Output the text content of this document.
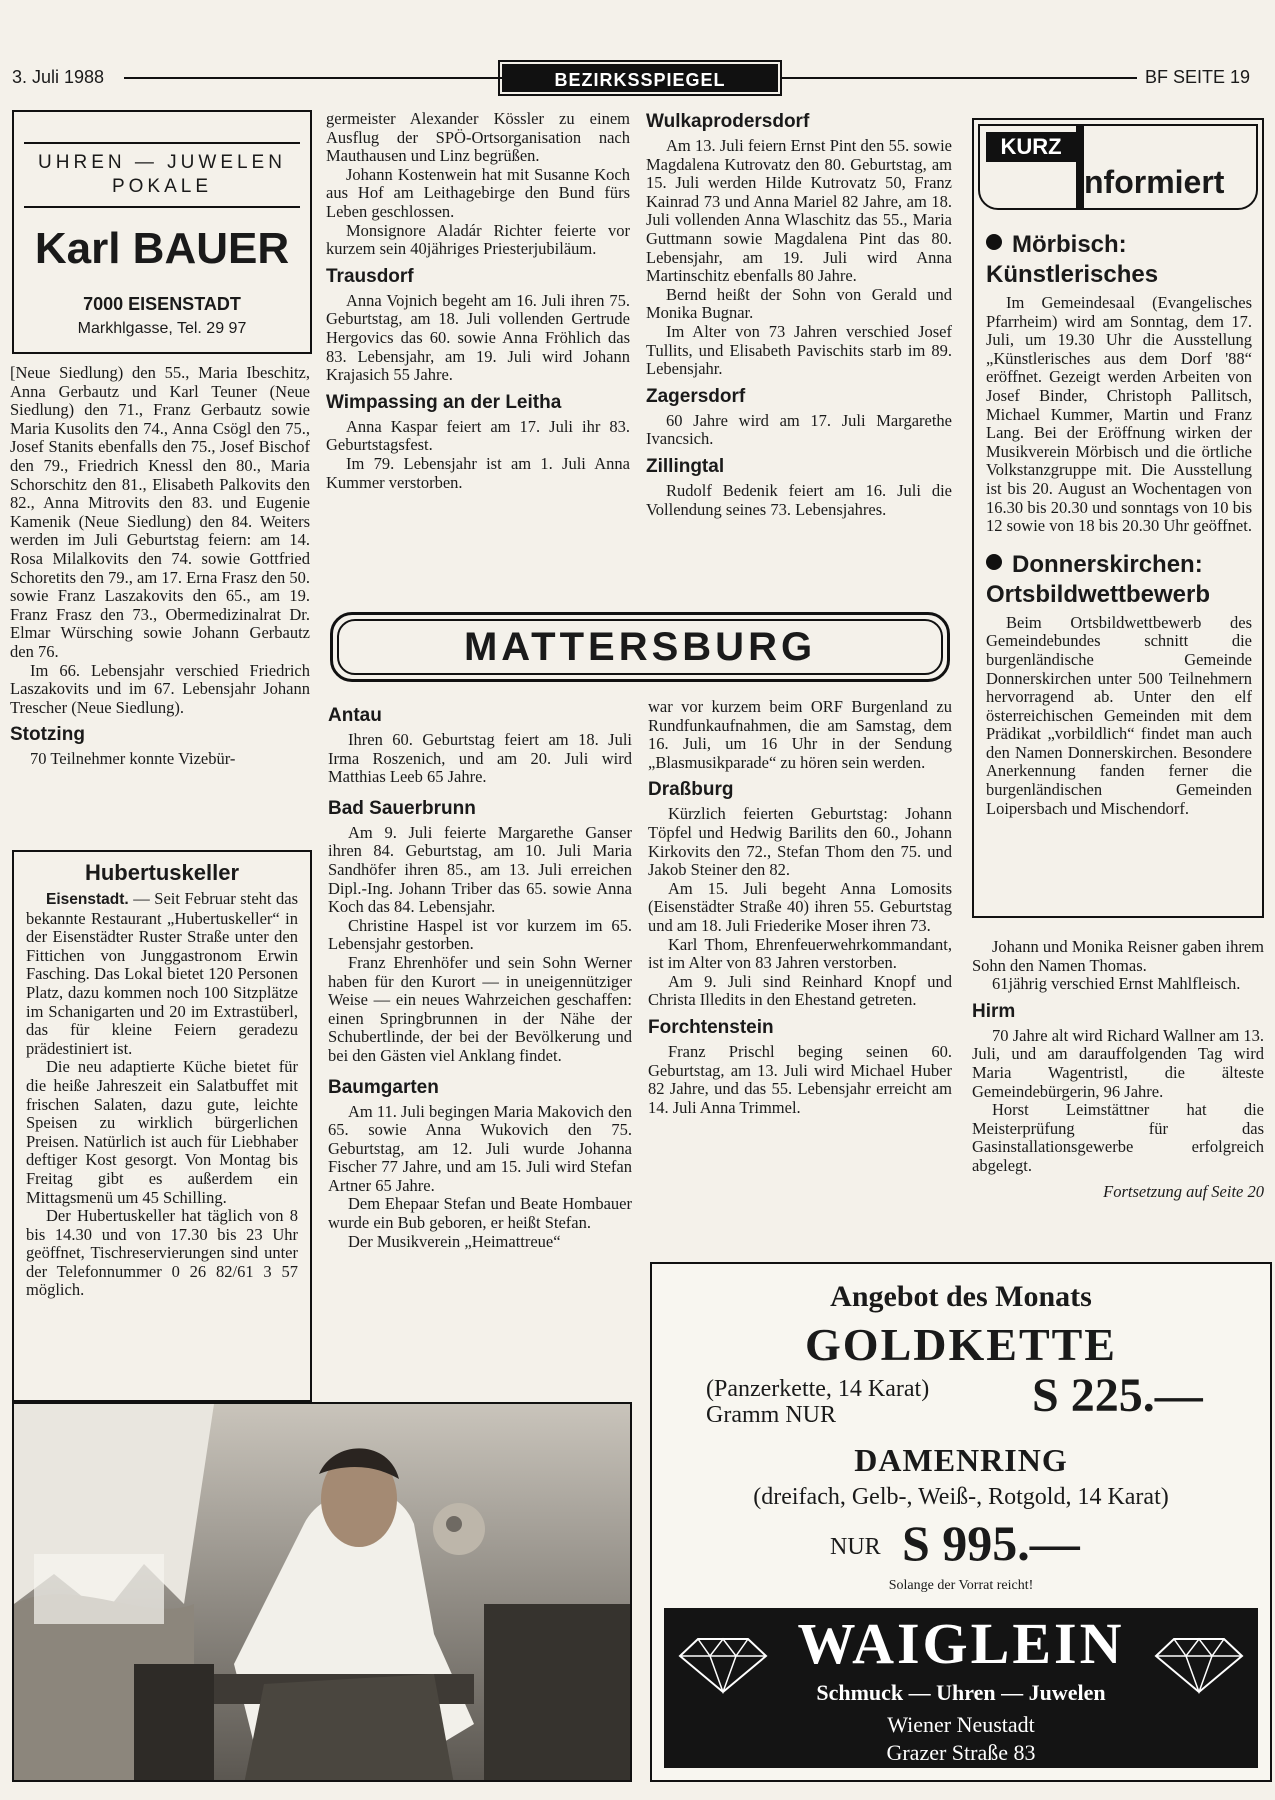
3. Juli 1988	BEZIRKSSPIEGEL	BF SEITE 19
UHREN — JUWELEN
POKALE
Karl BAUER
7000 EISENSTADT
Markhlgasse, Tel. 29 97

[Neue Siedlung) den 55., Maria Ibeschitz, Anna Gerbautz und Karl Teuner (Neue Siedlung) den 71., Franz Gerbautz sowie Maria Kusolits den 74., Anna Csögl den 75., Josef Stanits ebenfalls den 75., Josef Bischof den 79., Friedrich Knessl den 80., Maria Schorschitz den 81., Elisabeth Palkovits den 82., Anna Mitrovits den 83. und Eugenie Kamenik (Neue Siedlung) den 84. Weiters werden im Juli Geburtstag feiern: am 14. Rosa Milalkovits den 74. sowie Gottfried Schoretits den 79., am 17. Erna Frasz den 50. sowie Franz Laszakovits den 65., am 19. Franz Frasz den 73., Obermedizinalrat Dr. Elmar Würsching sowie Johann Gerbautz den 76.

Im 66. Lebensjahr verschied Friedrich Laszakovits und im 67. Lebensjahr Johann Trescher (Neue Siedlung).

Stotzing

70 Teilnehmer konnte Vizebür-

Hubertuskeller

Eisenstadt. — Seit Februar steht das bekannte Restaurant „Hubertuskeller“ in der Eisenstädter Ruster Straße unter den Fittichen von Junggastronom Erwin Fasching. Das Lokal bietet 120 Personen Platz, dazu kommen noch 100 Sitzplätze im Schanigarten und 20 im Extrastüberl, das für kleine Feiern geradezu prädestiniert ist.

Die neu adaptierte Küche bietet für die heiße Jahreszeit ein Salatbuffet mit frischen Salaten, dazu gute, leichte Speisen zu wirklich bürgerlichen Preisen. Natürlich ist auch für Liebhaber deftiger Kost gesorgt. Von Montag bis Freitag gibt es außerdem ein Mittagsmenü um 45 Schilling.

Der Hubertuskeller hat täglich von 8 bis 14.30 und von 17.30 bis 23 Uhr geöffnet, Tischreservierungen sind unter der Telefonnummer 0 26 82/61 3 57 möglich.

germeister Alexander Kössler zu einem Ausflug der SPÖ-Ortsorganisation nach Mauthausen und Linz begrüßen.

Johann Kostenwein hat mit Susanne Koch aus Hof am Leithagebirge den Bund fürs Leben geschlossen.

Monsignore Aladár Richter feierte vor kurzem sein 40jähriges Priesterjubiläum.

Trausdorf

Anna Vojnich begeht am 16. Juli ihren 75. Geburtstag, am 18. Juli vollenden Gertrude Hergovics das 60. sowie Anna Fröhlich das 83. Lebensjahr, am 19. Juli wird Johann Krajasich 55 Jahre.

Wimpassing an der Leitha

Anna Kaspar feiert am 17. Juli ihr 83. Geburtstagsfest.

Im 79. Lebensjahr ist am 1. Juli Anna Kummer verstorben.

Wulkaprodersdorf

Am 13. Juli feiern Ernst Pint den 55. sowie Magdalena Kutrovatz den 80. Geburtstag, am 15. Juli werden Hilde Kutrovatz 50, Franz Kainrad 73 und Anna Mariel 82 Jahre, am 18. Juli vollenden Anna Wlaschitz das 55., Maria Guttmann sowie Magdalena Pint das 80. Lebensjahr, am 19. Juli wird Anna Martinschitz ebenfalls 80 Jahre.

Bernd heißt der Sohn von Gerald und Monika Bugnar.

Im Alter von 73 Jahren verschied Josef Tullits, und Elisabeth Pavischits starb im 89. Lebensjahr.

Zagersdorf

60 Jahre wird am 17. Juli Margarethe Ivancsich.

Zillingtal

Rudolf Bedenik feiert am 16. Juli die Vollendung seines 73. Lebensjahres.

KURZ
nformiert
Mörbisch: Künstlerisches

Im Gemeindesaal (Evangelisches Pfarrheim) wird am Sonntag, dem 17. Juli, um 19.30 Uhr die Ausstellung „Künstlerisches aus dem Dorf '88“ eröffnet. Gezeigt werden Arbeiten von Josef Binder, Christoph Pallitsch, Michael Kummer, Martin und Franz Lang. Bei der Eröffnung wirken der Musikverein Mörbisch und die örtliche Volkstanzgruppe mit. Die Ausstellung ist bis 20. August an Wochentagen von 16.30 bis 20.30 und sonntags von 10 bis 12 sowie von 18 bis 20.30 Uhr geöffnet.

Donnerskirchen: Ortsbildwettbewerb

Beim Ortsbildwettbewerb des Gemeindebundes schnitt die burgenländische Gemeinde Donnerskirchen unter 500 Teilnehmern hervorragend ab. Unter den elf österreichischen Gemeinden mit dem Prädikat „vorbildlich“ findet man auch den Namen Donnerskirchen. Besondere Anerkennung fanden ferner die burgenländischen Gemeinden Loipersbach und Mischendorf.

MATTERSBURG
Antau

Ihren 60. Geburtstag feiert am 18. Juli Irma Roszenich, und am 20. Juli wird Matthias Leeb 65 Jahre.

Bad Sauerbrunn

Am 9. Juli feierte Margarethe Ganser ihren 84. Geburtstag, am 10. Juli Maria Sandhöfer ihren 85., am 13. Juli erreichen Dipl.-Ing. Johann Triber das 65. sowie Anna Koch das 84. Lebensjahr.

Christine Haspel ist vor kurzem im 65. Lebensjahr gestorben.

Franz Ehrenhöfer und sein Sohn Werner haben für den Kurort — in uneigennütziger Weise — ein neues Wahrzeichen geschaffen: einen Springbrunnen in der Nähe der Schubertlinde, der bei der Bevölkerung und bei den Gästen viel Anklang findet.

Baumgarten

Am 11. Juli begingen Maria Makovich den 65. sowie Anna Wukovich den 75. Geburtstag, am 12. Juli wurde Johanna Fischer 77 Jahre, und am 15. Juli wird Stefan Artner 65 Jahre.

Dem Ehepaar Stefan und Beate Hombauer wurde ein Bub geboren, er heißt Stefan.

Der Musikverein „Heimattreue“

war vor kurzem beim ORF Burgenland zu Rundfunkaufnahmen, die am Samstag, dem 16. Juli, um 16 Uhr in der Sendung „Blasmusikparade“ zu hören sein werden.

Draßburg

Kürzlich feierten Geburtstag: Johann Töpfel und Hedwig Barilits den 60., Johann Kirkovits den 72., Stefan Thom den 75. und Jakob Steiner den 82.

Am 15. Juli begeht Anna Lomosits (Eisenstädter Straße 40) ihren 55. Geburtstag und am 18. Juli Friederike Moser ihren 73.

Karl Thom, Ehrenfeuerwehrkommandant, ist im Alter von 83 Jahren verstorben.

Am 9. Juli sind Reinhard Knopf und Christa Illedits in den Ehestand getreten.

Forchtenstein

Franz Prischl beging seinen 60. Geburtstag, am 13. Juli wird Michael Huber 82 Jahre, und das 55. Lebensjahr erreicht am 14. Juli Anna Trimmel.

Johann und Monika Reisner gaben ihrem Sohn den Namen Thomas.

61jährig verschied Ernst Mahlfleisch.

Hirm

70 Jahre alt wird Richard Wallner am 13. Juli, und am darauffolgenden Tag wird Maria Wagentristl, die älteste Gemeindebürgerin, 96 Jahre.

Horst Leimstättner hat die Meisterprüfung für das Gasinstallationsgewerbe erfolgreich abgelegt.

Fortsetzung auf Seite 20
Angebot des Monats
GOLDKETTE
(Panzerkette, 14 Karat)
Gramm NUR	S 225.—
DAMENRING
(dreifach, Gelb-, Weiß-, Rotgold, 14 Karat)
NUR S 995.—
Solange der Vorrat reicht!
WAIGLEIN
Schmuck — Uhren — Juwelen
Wiener Neustadt
Grazer Straße 83
